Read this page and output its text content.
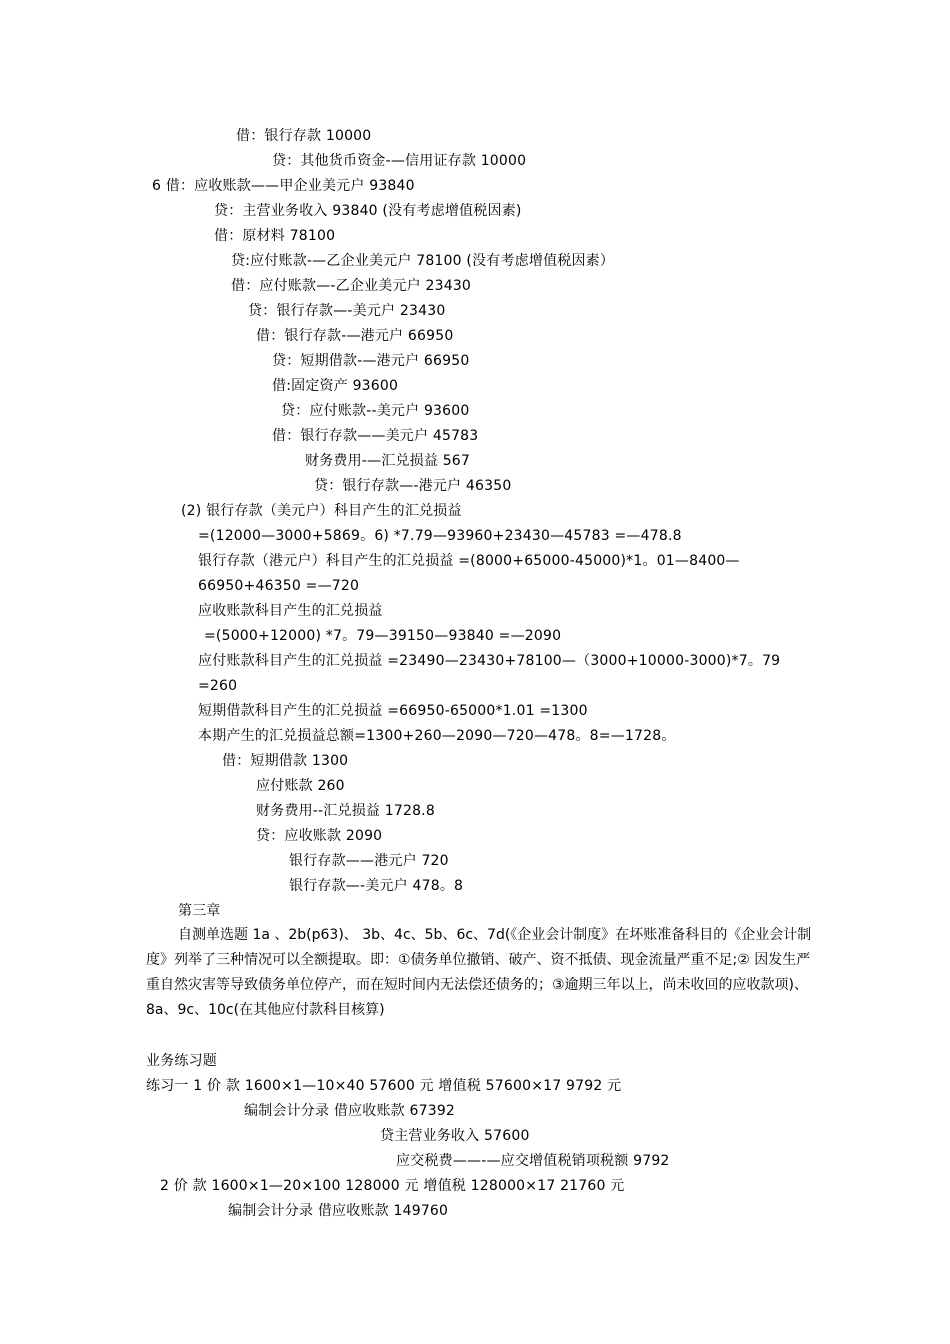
借：银行存款 10000
贷：其他货币资金-—信用证存款 10000
6 借：应收账款——甲企业美元户 93840
贷：主营业务收入 93840 (没有考虑增值税因素)
借：原材料 78100
贷:应付账款-—乙企业美元户 78100 (没有考虑增值税因素）
借：应付账款—-乙企业美元户 23430
贷：银行存款—-美元户 23430
借：银行存款-—港元户 66950
贷：短期借款-—港元户 66950
借:固定资产 93600
贷：应付账款--美元户 93600
借：银行存款——美元户 45783
财务费用-—汇兑损益 567
贷：银行存款—-港元户 46350
(2) 银行存款（美元户）科目产生的汇兑损益
=(12000—3000+5869。6) *7.79—93960+23430—45783 =—478.8
银行存款（港元户）科目产生的汇兑损益 =(8000+65000-45000)*1。01—8400—
66950+46350 =—720
应收账款科目产生的汇兑损益
=(5000+12000) *7。79—39150—93840 =—2090
应付账款科目产生的汇兑损益 =23490—23430+78100—（3000+10000-3000)*7。79
=260
短期借款科目产生的汇兑损益 =66950-65000*1.01 =1300
本期产生的汇兑损益总额=1300+260—2090—720—478。8=—1728。
借：短期借款 1300
应付账款 260
财务费用--汇兑损益 1728.8
贷：应收账款 2090
银行存款——港元户 720
银行存款—-美元户 478。8
第三章
自测单选题 1a 、2b(p63)、 3b、4c、5b、6c、7d(《企业会计制度》在坏账准备科目的《企业会计制度》列举了三种情况可以全额提取。即：①债务单位撤销、破产、资不抵债、现金流量严重不足;② 因发生严重自然灾害等导致债务单位停产，而在短时间内无法偿还债务的；③逾期三年以上，尚未收回的应收款项)、8a、9c、10c(在其他应付款科目核算)
业务练习题
练习一 1 价 款 1600×1—10×40 57600 元 增值税 57600×17 9792 元
编制会计分录 借应收账款 67392
贷主营业务收入 57600
应交税费——-—应交增值税销项税额 9792
2 价 款 1600×1—20×100 128000 元 增值税 128000×17 21760 元
编制会计分录 借应收账款 149760
